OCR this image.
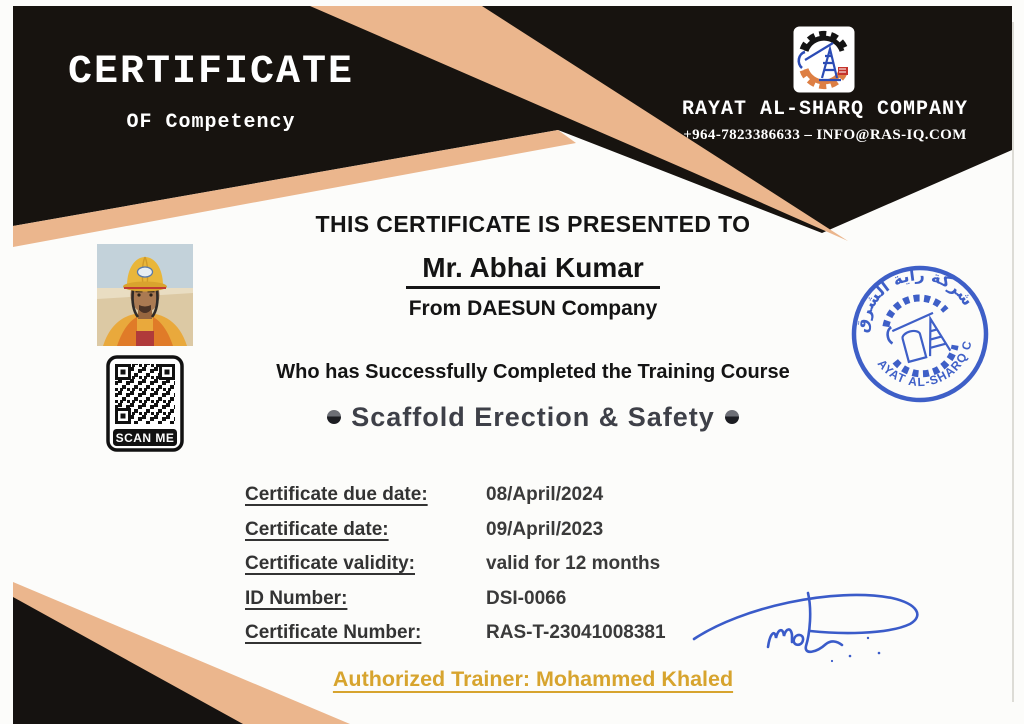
CERTIFICATE
OF Competency
RAYAT AL-SHARQ COMPANY
+964-7823386633 – INFO@RAS-IQ.COM
THIS CERTIFICATE IS PRESENTED TO
Mr. Abhai Kumar
From DAESUN Company
Who has Successfully Completed the Training Course
Scaffold Erection & Safety
SCAN ME
Certificate due date:	08/April/2024
Certificate date:	09/April/2023
Certificate validity:	valid for 12 months
ID Number:	DSI-0066
Certificate Number:	RAS-T-23041008381
شركة راية الشرق
RAYAT AL-SHARQ Co.
Authorized Trainer: Mohammed Khaled
